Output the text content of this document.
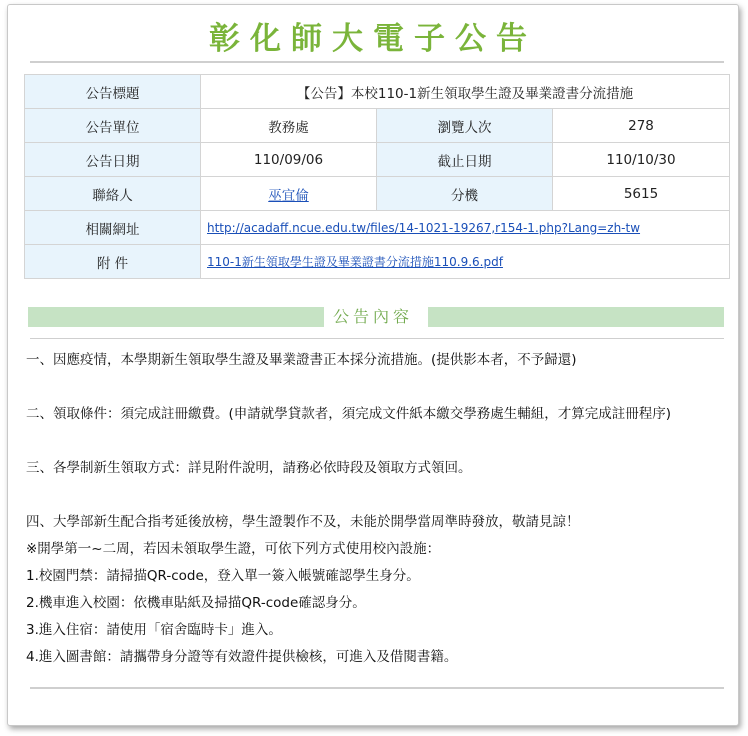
彰化師大電子公告
公告標題	【公告】本校110-1新生領取學生證及畢業證書分流措施		
公告單位	教務處	瀏覽人次	278
公告日期	110/09/06	截止日期	110/10/30
聯絡人	巫宜倫	分機	5615
相關網址	http://acadaff.ncue.edu.tw/files/14-1021-19267,r154-1.php?Lang=zh-tw		
附 件	110-1新生領取學生證及畢業證書分流措施110.9.6.pdf		
公告內容

一、因應疫情，本學期新生領取學生證及畢業證書正本採分流措施。(提供影本者，不予歸還)

二、領取條件：須完成註冊繳費。(申請就學貸款者，須完成文件紙本繳交學務處生輔組，才算完成註冊程序)

三、各學制新生領取方式：詳見附件說明，請務必依時段及領取方式領回。

四、大學部新生配合指考延後放榜，學生證製作不及，未能於開學當周準時發放，敬請見諒！

※開學第一~二周，若因未領取學生證，可依下列方式使用校內設施：

1.校園門禁：請掃描QR-code，登入單一簽入帳號確認學生身分。

2.機車進入校園：依機車貼紙及掃描QR-code確認身分。

3.進入住宿：請使用「宿舍臨時卡」進入。

4.進入圖書館：請攜帶身分證等有效證件提供檢核，可進入及借閱書籍。
